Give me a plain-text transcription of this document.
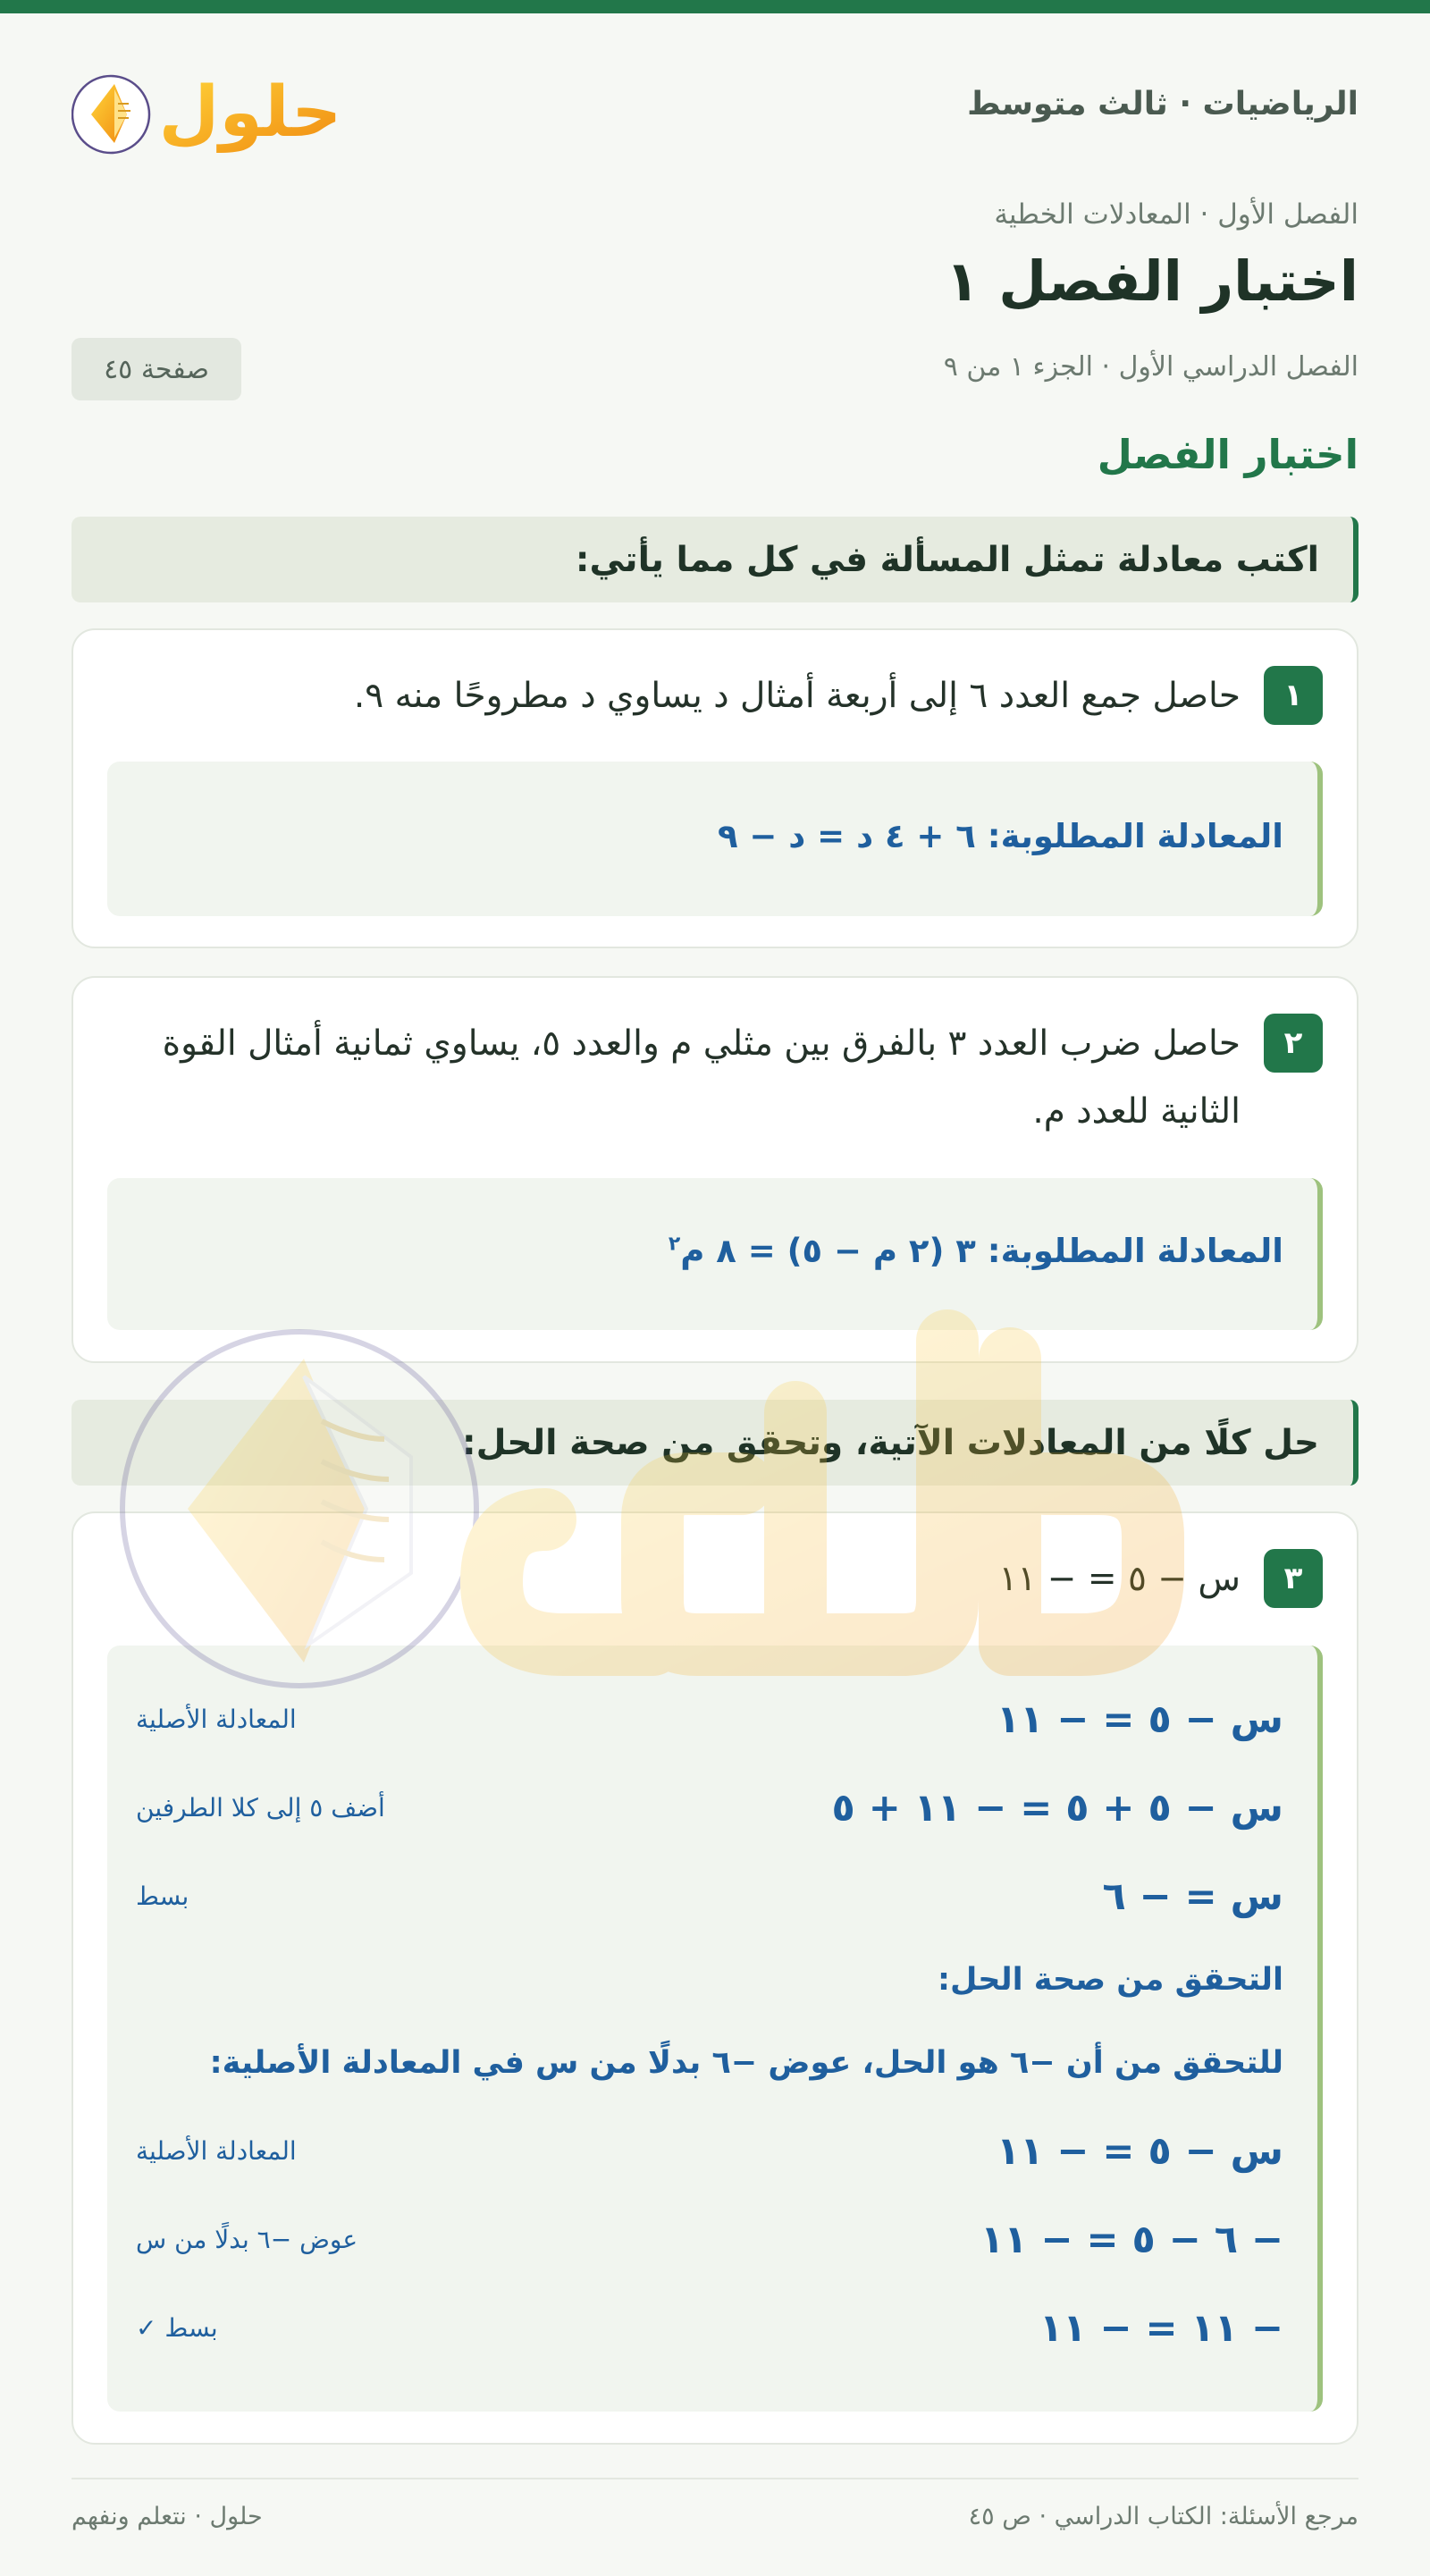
حلول	الرياضيات · ثالث متوسط
الفصل الأول · المعادلات الخطية
اختبار الفصل ١
الفصل الدراسي الأول · الجزء ١ من ٩
صفحة ٤٥
اختبار الفصل
اكتب معادلة تمثل المسألة في كل مما يأتي:
١
حاصل جمع العدد ٦ إلى أربعة أمثال د يساوي د مطروحًا منه ٩.
المعادلة المطلوبة: ٦ + ٤ د = د − ٩
٢
حاصل ضرب العدد ٣ بالفرق بين مثلي م والعدد ٥، يساوي ثمانية أمثال القوة الثانية للعدد م.
المعادلة المطلوبة: ٣ (٢ م − ٥) = ٨ م$^٢$
حل كلًا من المعادلات الآتية، وتحقق من صحة الحل:
٣
س − ٥ = − ١١
س − ٥ = − ١١
المعادلة الأصلية
س − ٥ + ٥ = − ١١ + ٥
أضف ٥ إلى كلا الطرفين
س = − ٦
بسط
التحقق من صحة الحل:
للتحقق من أن −٦ هو الحل، عوض −٦ بدلًا من س في المعادلة الأصلية:
س − ٥ = − ١١
المعادلة الأصلية
− ٦ − ٥ = − ١١
عوض −٦ بدلًا من س
− ١١ = − ١١
بسط ✓
مرجع الأسئلة: الكتاب الدراسي · ص ٤٥
حلول · نتعلم ونفهم
